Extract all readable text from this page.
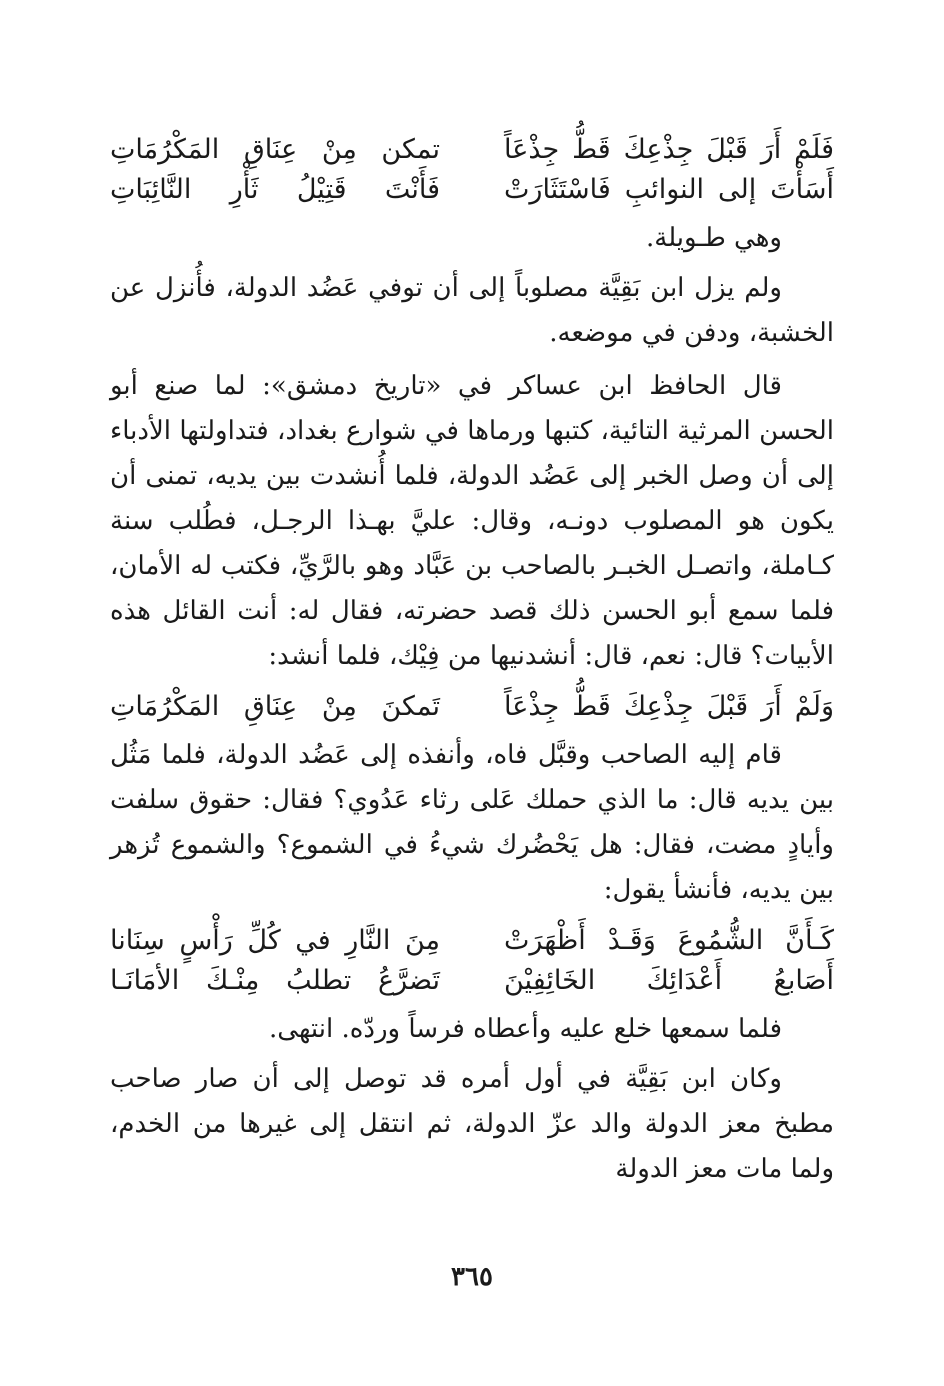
فَلَمْ أَرَ قَبْلَ جِذْعِكَ قَطُّ جِذْعَاً
تمكن مِنْ عِنَاقِ المَكْرُمَاتِ
أَسَأْتَ إلى النوائبِ فَاسْتَثَارَتْ
فَأَنْتَ قَتِيْلُ ثَأْرِ النَّائِبَاتِ
وهي طـويلة.

ولم يزل ابن بَقِيَّة مصلوباً إلى أن توفي عَضُد الدولة، فأُنزل عن الخشبة، ودفن في موضعه.

قال الحافظ ابن عساكر في «تاريخ دمشق»: لما صنع أبو الحسن المرثية التائية، كتبها ورماها في شوارع بغداد، فتداولتها الأدباء إلى أن وصل الخبر إلى عَضُد الدولة، فلما أُنشدت بين يديه، تمنى أن يكون هو المصلوب دونـه، وقال: عليَّ بهـذا الرجـل، فطُلب سنة كـاملة، واتصـل الخبـر بالصاحب بن عَبَّاد وهو بالرَّيِّ، فكتب له الأمان، فلما سمع أبو الحسن ذلك قصد حضرته، فقال له: أنت القائل هذه الأبيات؟ قال: نعم، قال: أنشدنيها من فِيْك، فلما أنشد:

وَلَمْ أَرَ قَبْلَ جِذْعِكَ قَطُّ جِذْعَاً
تَمكنَ مِنْ عِنَاقِ المَكْرُمَاتِ

قام إليه الصاحب وقبَّل فاه، وأنفذه إلى عَضُد الدولة، فلما مَثُل بين يديه قال: ما الذي حملك عَلى رثاء عَدُوي؟ فقال: حقوق سلفت وأيادٍ مضت، فقال: هل يَحْضُرك شيءُ في الشموع؟ والشموع تُزهر بين يديه، فأنشأ يقول:

كَـأَنَّ الشُّمُوعَ وَقَـدْ أَظْهَرَتْ
مِنَ النَّارِ في كُلِّ رَأْسٍ سِنَانا
أَصَابعُ أَعْدَائِكَ الخَائِفِيْنَ
تَضرَّعُ تطلبُ مِنْـكَ الأمَانَـا
فلما سمعها خلع عليه وأعطاه فرساً وردّه. انتهى.

وكان ابن بَقِيَّة في أول أمره قد توصل إلى أن صار صاحب مطبخ معز الدولة والد عزّ الدولة، ثم انتقل إلى غيرها من الخدم، ولما مات معز الدولة

٣٦٥
